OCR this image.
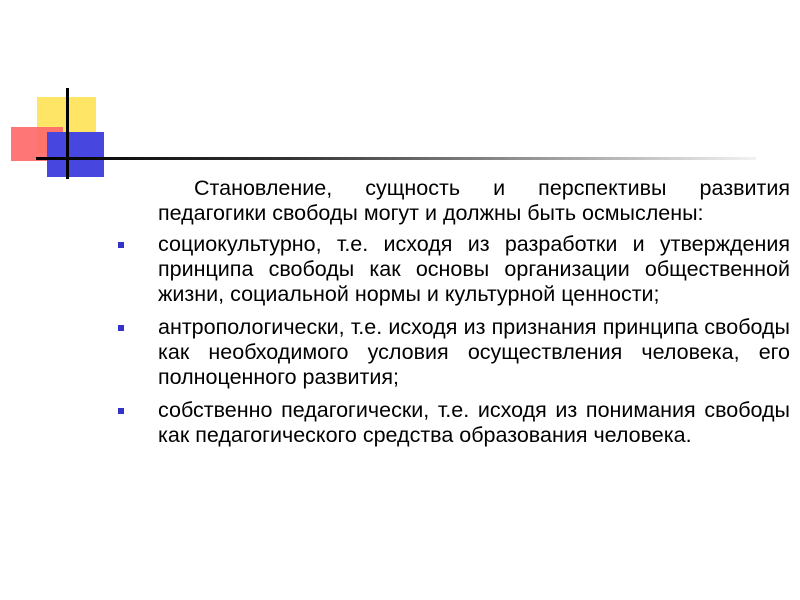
Становление, сущность и перспективы развития педагогики свободы могут и должны быть осмыслены:

социокультурно, т.е. исходя из разработки и утверждения принципа свободы как основы организации общественной жизни, социальной нормы и культурной ценности;
антропологически, т.е. исходя из признания принципа свободы как необходимого условия осуществления человека, его полноценного развития;
собственно педагогически, т.е. исходя из понимания свободы как педагогического средства образования человека.
